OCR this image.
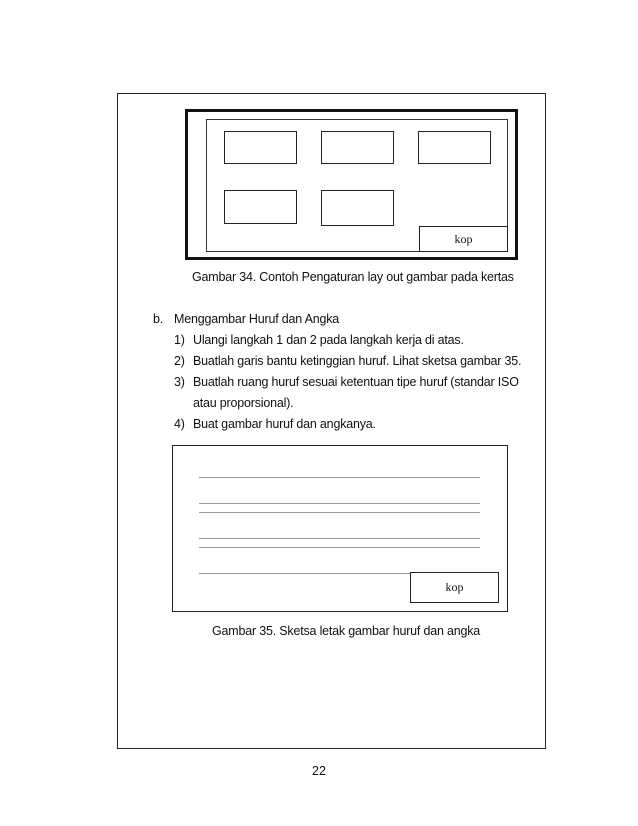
kop
Gambar 34. Contoh Pengaturan lay out gambar pada kertas
b. Menggambar Huruf dan Angka
1) Ulangi langkah 1 dan 2 pada langkah kerja di atas.
2) Buatlah garis bantu ketinggian huruf. Lihat sketsa gambar 35.
3) Buatlah ruang huruf sesuai ketentuan tipe huruf (standar ISO
atau proporsional).
4) Buat gambar huruf dan angkanya.
kop
Gambar 35. Sketsa letak gambar huruf dan angka
22
